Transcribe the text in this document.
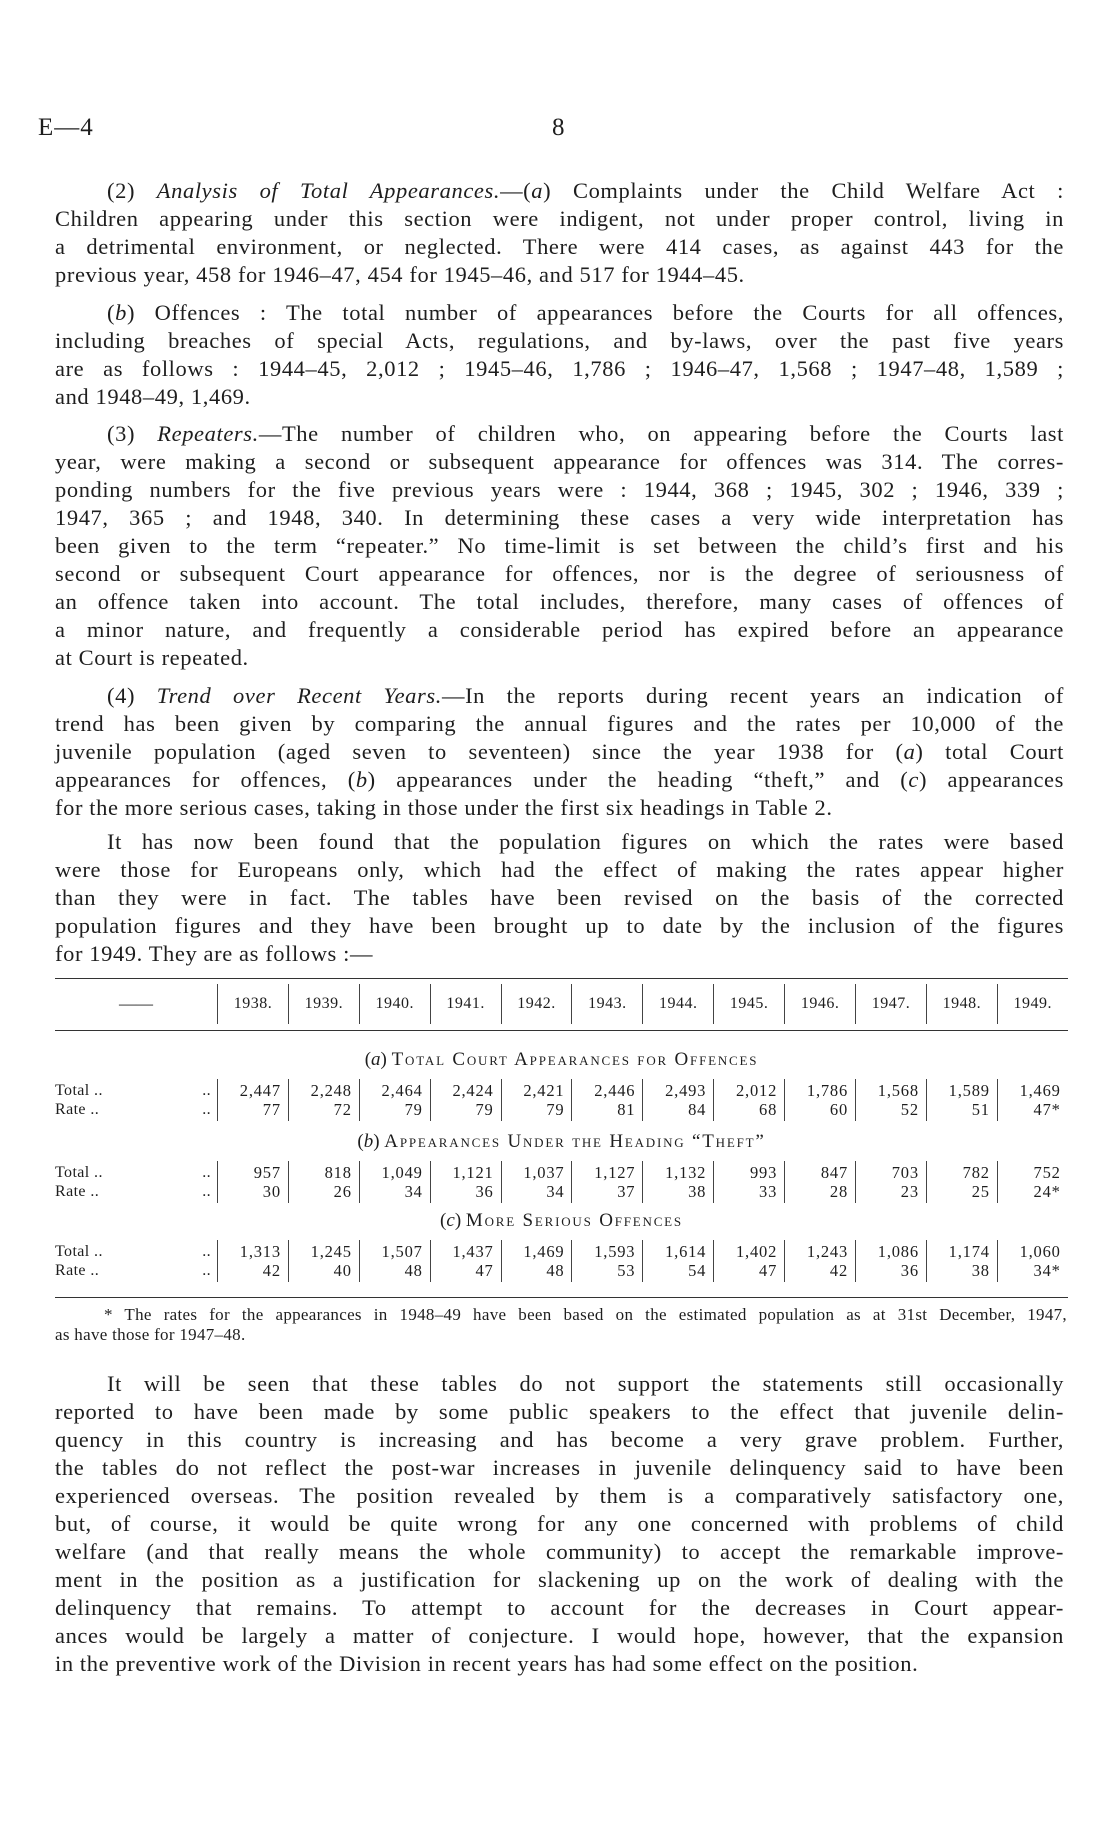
E—4	8
(2) Analysis of Total Appearances.—(a) Complaints under the Child Welfare Act :
Children appearing under this section were indigent, not under proper control, living in
a detrimental environment, or neglected. There were 414 cases, as against 443 for the
previous year, 458 for 1946–47, 454 for 1945–46, and 517 for 1944–45.
(b) Offences : The total number of appearances before the Courts for all offences,
including breaches of special Acts, regulations, and by-laws, over the past five years
are as follows : 1944–45, 2,012 ; 1945–46, 1,786 ; 1946–47, 1,568 ; 1947–48, 1,589 ;
and 1948–49, 1,469.
(3) Repeaters.—The number of children who, on appearing before the Courts last
year, were making a second or subsequent appearance for offences was 314. The corres-
ponding numbers for the five previous years were : 1944, 368 ; 1945, 302 ; 1946, 339 ;
1947, 365 ; and 1948, 340. In determining these cases a very wide interpretation has
been given to the term “repeater.” No time-limit is set between the child’s first and his
second or subsequent Court appearance for offences, nor is the degree of seriousness of
an offence taken into account. The total includes, therefore, many cases of offences of
a minor nature, and frequently a considerable period has expired before an appearance
at Court is repeated.
(4) Trend over Recent Years.—In the reports during recent years an indication of
trend has been given by comparing the annual figures and the rates per 10,000 of the
juvenile population (aged seven to seventeen) since the year 1938 for (a) total Court
appearances for offences, (b) appearances under the heading “theft,” and (c) appearances
for the more serious cases, taking in those under the first six headings in Table 2.
It has now been found that the population figures on which the rates were based
were those for Europeans only, which had the effect of making the rates appear higher
than they were in fact. The tables have been revised on the basis of the corrected
population figures and they have been brought up to date by the inclusion of the figures
for 1949. They are as follows :—
——	1938.	1939.	1940.	1941.	1942.	1943.	1944.	1945.	1946.	1947.	1948.	1949.
(a) Total Court Appearances for Offences
Total ..	..	2,447	2,248	2,464	2,424	2,421	2,446	2,493	2,012	1,786	1,568	1,589	1,469
Rate ..	..	77	72	79	79	79	81	84	68	60	52	51	47*
(b) Appearances Under the Heading “Theft”
Total ..	..	957	818	1,049	1,121	1,037	1,127	1,132	993	847	703	782	752
Rate ..	..	30	26	34	36	34	37	38	33	28	23	25	24*
(c) More Serious Offences
Total ..	..	1,313	1,245	1,507	1,437	1,469	1,593	1,614	1,402	1,243	1,086	1,174	1,060
Rate ..	..	42	40	48	47	48	53	54	47	42	36	38	34*
* The rates for the appearances in 1948–49 have been based on the estimated population as at 31st December, 1947,
as have those for 1947–48.
It will be seen that these tables do not support the statements still occasionally
reported to have been made by some public speakers to the effect that juvenile delin-
quency in this country is increasing and has become a very grave problem. Further,
the tables do not reflect the post-war increases in juvenile delinquency said to have been
experienced overseas. The position revealed by them is a comparatively satisfactory one,
but, of course, it would be quite wrong for any one concerned with problems of child
welfare (and that really means the whole community) to accept the remarkable improve-
ment in the position as a justification for slackening up on the work of dealing with the
delinquency that remains. To attempt to account for the decreases in Court appear-
ances would be largely a matter of conjecture. I would hope, however, that the expansion
in the preventive work of the Division in recent years has had some effect on the position.
